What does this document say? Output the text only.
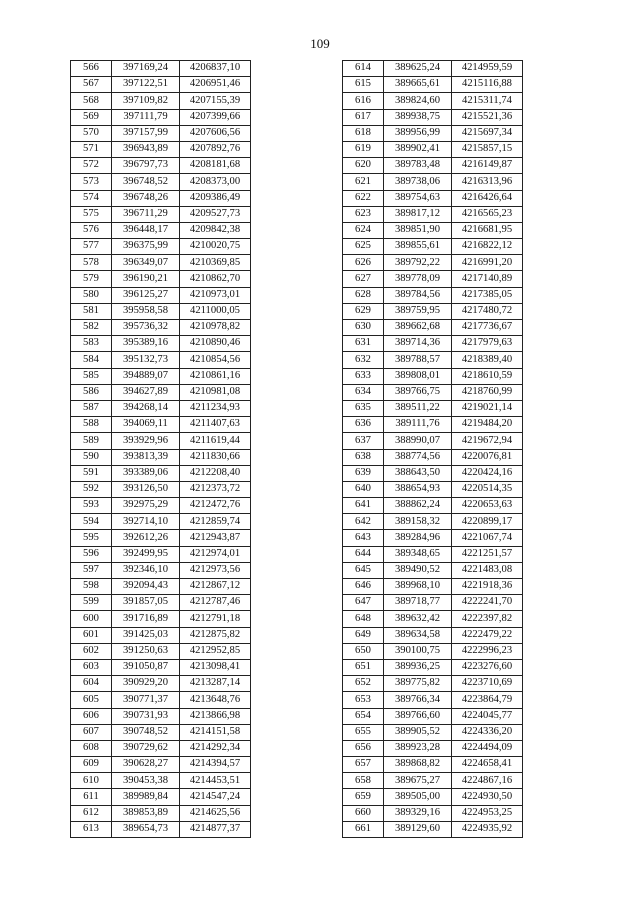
109
566	397169,24	4206837,10
567	397122,51	4206951,46
568	397109,82	4207155,39
569	397111,79	4207399,66
570	397157,99	4207606,56
571	396943,89	4207892,76
572	396797,73	4208181,68
573	396748,52	4208373,00
574	396748,26	4209386,49
575	396711,29	4209527,73
576	396448,17	4209842,38
577	396375,99	4210020,75
578	396349,07	4210369,85
579	396190,21	4210862,70
580	396125,27	4210973,01
581	395958,58	4211000,05
582	395736,32	4210978,82
583	395389,16	4210890,46
584	395132,73	4210854,56
585	394889,07	4210861,16
586	394627,89	4210981,08
587	394268,14	4211234,93
588	394069,11	4211407,63
589	393929,96	4211619,44
590	393813,39	4211830,66
591	393389,06	4212208,40
592	393126,50	4212373,72
593	392975,29	4212472,76
594	392714,10	4212859,74
595	392612,26	4212943,87
596	392499,95	4212974,01
597	392346,10	4212973,56
598	392094,43	4212867,12
599	391857,05	4212787,46
600	391716,89	4212791,18
601	391425,03	4212875,82
602	391250,63	4212952,85
603	391050,87	4213098,41
604	390929,20	4213287,14
605	390771,37	4213648,76
606	390731,93	4213866,98
607	390748,52	4214151,58
608	390729,62	4214292,34
609	390628,27	4214394,57
610	390453,38	4214453,51
611	389989,84	4214547,24
612	389853,89	4214625,56
613	389654,73	4214877,37
614	389625,24	4214959,59
615	389665,61	4215116,88
616	389824,60	4215311,74
617	389938,75	4215521,36
618	389956,99	4215697,34
619	389902,41	4215857,15
620	389783,48	4216149,87
621	389738,06	4216313,96
622	389754,63	4216426,64
623	389817,12	4216565,23
624	389851,90	4216681,95
625	389855,61	4216822,12
626	389792,22	4216991,20
627	389778,09	4217140,89
628	389784,56	4217385,05
629	389759,95	4217480,72
630	389662,68	4217736,67
631	389714,36	4217979,63
632	389788,57	4218389,40
633	389808,01	4218610,59
634	389766,75	4218760,99
635	389511,22	4219021,14
636	389111,76	4219484,20
637	388990,07	4219672,94
638	388774,56	4220076,81
639	388643,50	4220424,16
640	388654,93	4220514,35
641	388862,24	4220653,63
642	389158,32	4220899,17
643	389284,96	4221067,74
644	389348,65	4221251,57
645	389490,52	4221483,08
646	389968,10	4221918,36
647	389718,77	4222241,70
648	389632,42	4222397,82
649	389634,58	4222479,22
650	390100,75	4222996,23
651	389936,25	4223276,60
652	389775,82	4223710,69
653	389766,34	4223864,79
654	389766,60	4224045,77
655	389905,52	4224336,20
656	389923,28	4224494,09
657	389868,82	4224658,41
658	389675,27	4224867,16
659	389505,00	4224930,50
660	389329,16	4224953,25
661	389129,60	4224935,92
